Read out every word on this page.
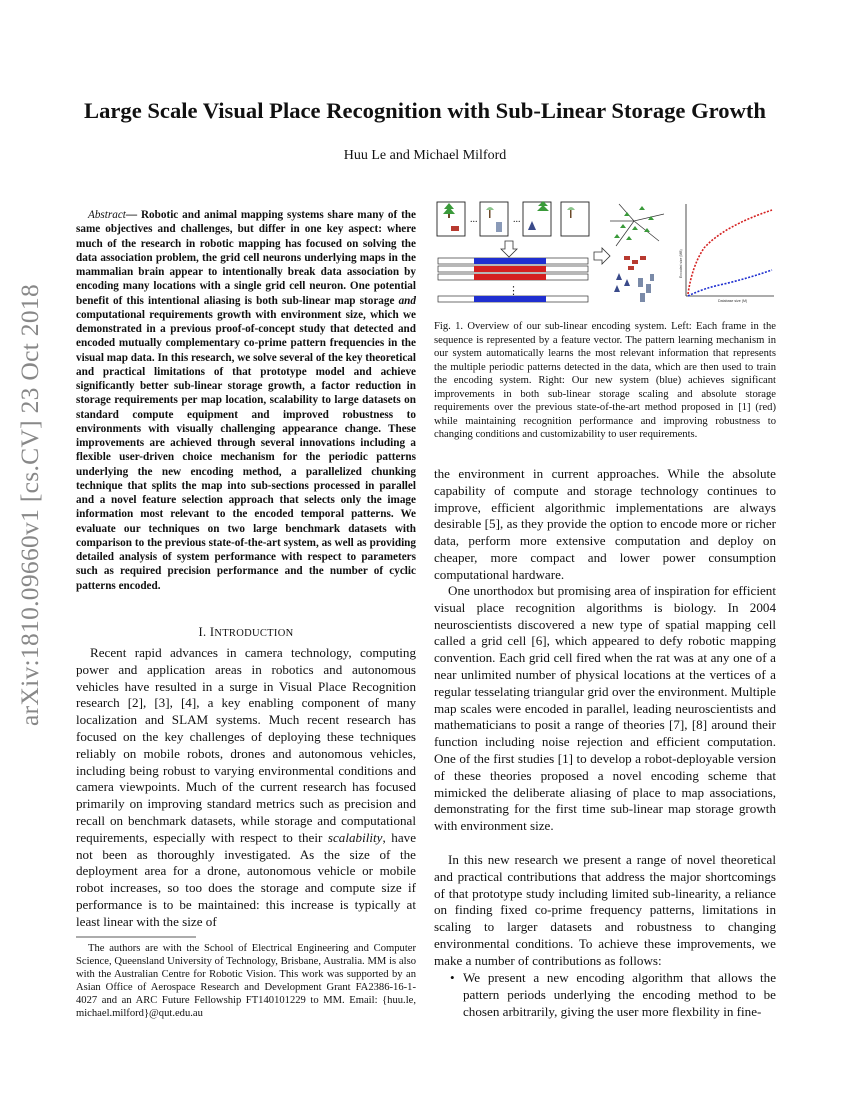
arXiv:1810.09660v1 [cs.CV] 23 Oct 2018
Large Scale Visual Place Recognition with Sub-Linear Storage Growth
Huu Le and Michael Milford
Abstract— Robotic and animal mapping systems share many of the same objectives and challenges, but differ in one key aspect: where much of the research in robotic mapping has focused on solving the data association problem, the grid cell neurons underlying maps in the mammalian brain appear to intentionally break data association by encoding many locations with a single grid cell neuron. One potential benefit of this intentional aliasing is both sub-linear map storage and computational requirements growth with environment size, which we demonstrated in a previous proof-of-concept study that detected and encoded mutually complementary co-prime pattern frequencies in the visual map data. In this research, we solve several of the key theoretical and practical limitations of that prototype model and achieve significantly better sub-linear storage growth, a factor reduction in storage requirements per map location, scalability to large datasets on standard compute equipment and improved robustness to environments with visually challenging appearance change. These improvements are achieved through several innovations including a flexible user-driven choice mechanism for the periodic patterns underlying the new encoding method, a parallelized chunking technique that splits the map into sub-sections processed in parallel and a novel feature selection approach that selects only the image information most relevant to the encoded temporal patterns. We evaluate our techniques on two large benchmark datasets with comparison to the previous state-of-the-art system, as well as providing detailed analysis of system performance with respect to parameters such as required precision performance and the number of cyclic patterns encoded.
I. INTRODUCTION
Recent rapid advances in camera technology, computing power and application areas in robotics and autonomous vehicles have resulted in a surge in Visual Place Recognition research [2], [3], [4], a key enabling component of many localization and SLAM systems. Much recent research has focused on the key challenges of deploying these techniques reliably on mobile robots, drones and autonomous vehicles, including being robust to varying environmental conditions and camera viewpoints. Much of the current research has focused primarily on improving standard metrics such as precision and recall on benchmark datasets, while storage and computational requirements, especially with respect to their scalability, have not been as thoroughly investigated. As the size of the deployment area for a drone, autonomous vehicle or mobile robot increases, so too does the storage and compute size if performance is to be maintained: this increase is typically at least linear with the size of
The authors are with the School of Electrical Engineering and Computer Science, Queensland University of Technology, Brisbane, Australia. MM is also with the Australian Centre for Robotic Vision. This work was supported by an Asian Office of Aerospace Research and Development Grant FA2386-16-1-4027 and an ARC Future Fellowship FT140101229 to MM. Email: {huu.le, michael.milford}@qut.edu.au
...	...
⋮
Encoded size (MB)
Database size (M)
Fig. 1. Overview of our sub-linear encoding system. Left: Each frame in the sequence is represented by a feature vector. The pattern learning mechanism in our system automatically learns the most relevant information that represents the multiple periodic patterns detected in the data, which are then used to train the encoding system. Right: Our new system (blue) achieves significant improvements in both sub-linear storage scaling and absolute storage requirements over the previous state-of-the-art method proposed in [1] (red) while maintaining recognition performance and improving robustness to changing conditions and customizability to user requirements.
the environment in current approaches. While the absolute capability of compute and storage technology continues to improve, efficient algorithmic implementations are always desirable [5], as they provide the option to encode more or richer data, perform more extensive computation and deploy on cheaper, more compact and lower power consumption computational hardware.
One unorthodox but promising area of inspiration for efficient visual place recognition algorithms is biology. In 2004 neuroscientists discovered a new type of spatial mapping cell called a grid cell [6], which appeared to defy robotic mapping convention. Each grid cell fired when the rat was at any one of a near unlimited number of physical locations at the vertices of a regular tesselating triangular grid over the environment. Multiple map scales were encoded in parallel, leading neuroscientists and mathematicians to posit a range of theories [7], [8] around their function including noise rejection and efficient computation. One of the first studies [1] to develop a robot-deployable version of these theories proposed a novel encoding scheme that mimicked the deliberate aliasing of place to map associations, demonstrating for the first time sub-linear map storage growth with environment size.
In this new research we present a range of novel theoretical and practical contributions that address the major shortcomings of that prototype study including limited sub-linearity, a reliance on finding fixed co-prime frequency patterns, limitations in scaling to larger datasets and robustness to changing environmental conditions. To achieve these improvements, we make a number of contributions as follows:
• We present a new encoding algorithm that allows the pattern periods underlying the encoding method to be chosen arbitrarily, giving the user more flexbility in fine-
